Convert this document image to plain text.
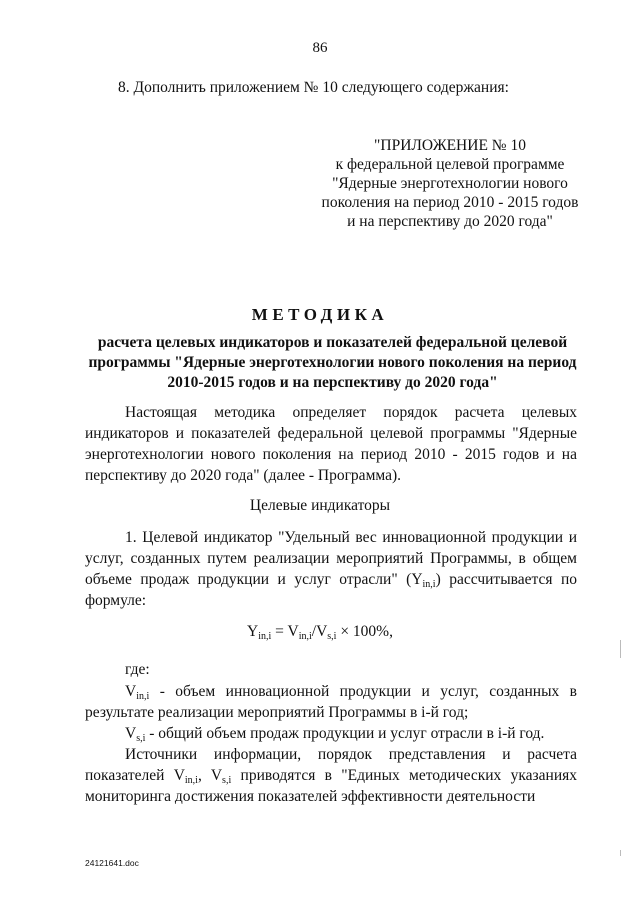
86
8. Дополнить приложением № 10 следующего содержания:
"ПРИЛОЖЕНИЕ № 10
к федеральной целевой программе
"Ядерные энерготехнологии нового
поколения на период 2010 - 2015 годов
и на перспективу до 2020 года"
МЕТОДИКА
расчета целевых индикаторов и показателей федеральной целевой программы "Ядерные энерготехнологии нового поколения на период 2010-2015 годов и на перспективу до 2020 года"
Настоящая методика определяет порядок расчета целевых индикаторов и показателей федеральной целевой программы "Ядерные энерготехнологии нового поколения на период 2010 - 2015 годов и на перспективу до 2020 года" (далее - Программа).
Целевые индикаторы
1. Целевой индикатор "Удельный вес инновационной продукции и услуг, созданных путем реализации мероприятий Программы, в общем объеме продаж продукции и услуг отрасли" $(Y_{in,i})$ рассчитывается по формуле:
$Y_{in,i} = V_{in,i}/V_{s,i} \times 100\%$,
где:
$V_{in,i}$ - объем инновационной продукции и услуг, созданных в результате реализации мероприятий Программы в i-й год;
$V_{s,i}$ - общий объем продаж продукции и услуг отрасли в i-й год.
Источники информации, порядок представления и расчета показателей $V_{in,i}$, $V_{s,i}$ приводятся в "Единых методических указаниях мониторинга достижения показателей эффективности деятельности
24121641.doc
